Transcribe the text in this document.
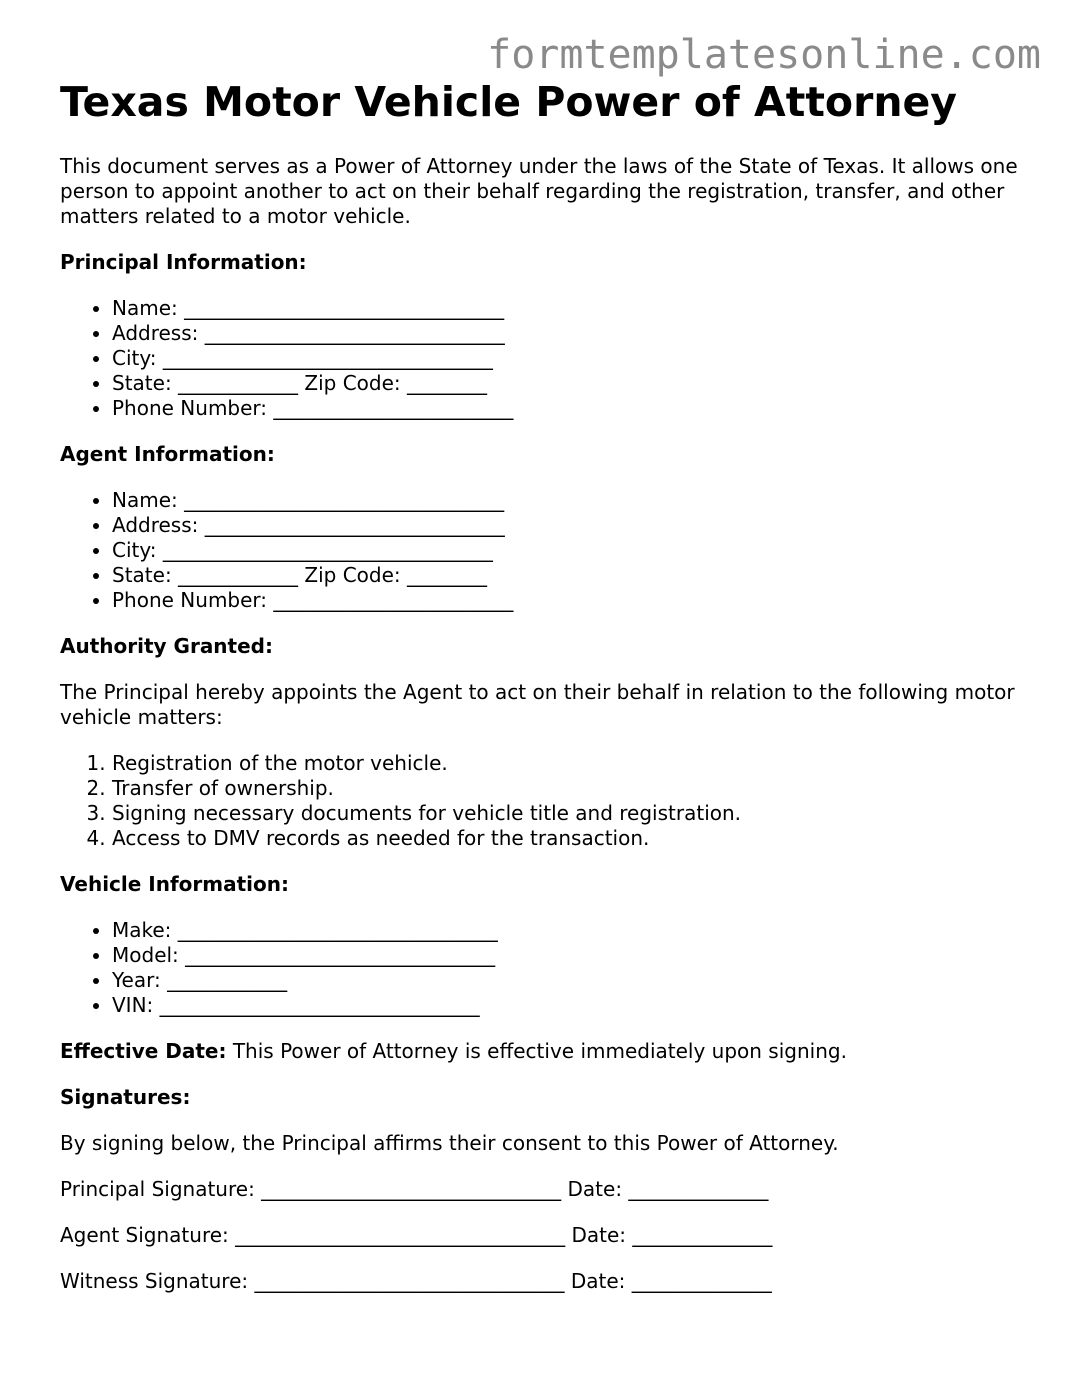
formtemplatesonline.com
Texas Motor Vehicle Power of Attorney

This document serves as a Power of Attorney under the laws of the State of Texas. It allows one person to appoint another to act on their behalf regarding the registration, transfer, and other matters related to a motor vehicle.

Principal Information:

• Name: ________________________________
• Address: ______________________________
• City: _________________________________
• State: ____________ Zip Code: ________
• Phone Number: ________________________

Agent Information:

• Name: ________________________________
• Address: ______________________________
• City: _________________________________
• State: ____________ Zip Code: ________
• Phone Number: ________________________

Authority Granted:

The Principal hereby appoints the Agent to act on their behalf in relation to the following motor vehicle matters:

1. Registration of the motor vehicle.
2. Transfer of ownership.
3. Signing necessary documents for vehicle title and registration.
4. Access to DMV records as needed for the transaction.

Vehicle Information:

• Make: ________________________________
• Model: _______________________________
• Year: ____________
• VIN: ________________________________

Effective Date: This Power of Attorney is effective immediately upon signing.

Signatures:

By signing below, the Principal affirms their consent to this Power of Attorney.

Principal Signature: ______________________________ Date: ______________
Agent Signature: _________________________________ Date: ______________
Witness Signature: _______________________________ Date: ______________
